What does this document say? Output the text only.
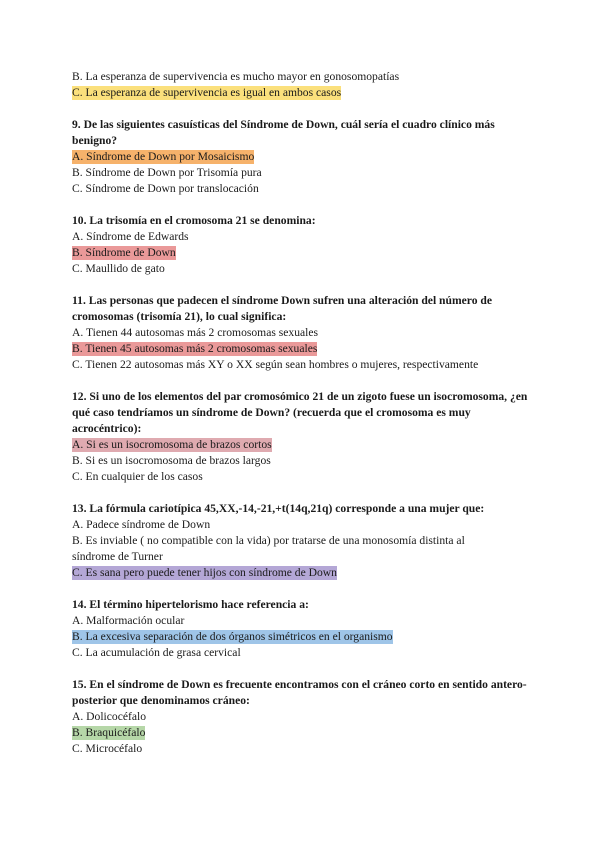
B. La esperanza de supervivencia es mucho mayor en gonosomopatías
C. La esperanza de supervivencia es igual en ambos casos
9. De las siguientes casuísticas del Síndrome de Down, cuál sería el cuadro clínico más benigno?
A. Síndrome de Down por Mosaicismo
B. Síndrome de Down por Trisomía pura
C. Síndrome de Down por translocación
10. La trisomía en el cromosoma 21 se denomina:
A. Síndrome de Edwards
B. Síndrome de Down
C. Maullido de gato
11. Las personas que padecen el síndrome Down sufren una alteración del número de cromosomas (trisomía 21), lo cual significa:
A. Tienen 44 autosomas más 2 cromosomas sexuales
B. Tienen 45 autosomas más 2 cromosomas sexuales
C. Tienen 22 autosomas más XY o XX según sean hombres o mujeres, respectivamente
12. Si uno de los elementos del par cromosómico 21 de un zigoto fuese un isocromosoma, ¿en qué caso tendríamos un síndrome de Down? (recuerda que el cromosoma es muy acrocéntrico):
A. Si es un isocromosoma de brazos cortos
B. Si es un isocromosoma de brazos largos
C. En cualquier de los casos
13. La fórmula cariotípica 45,XX,-14,-21,+t(14q,21q) corresponde a una mujer que:
A. Padece síndrome de Down
B. Es inviable ( no compatible con la vida) por tratarse de una monosomía distinta al síndrome de Turner
C. Es sana pero puede tener hijos con síndrome de Down
14. El término hipertelorismo hace referencia a:
A. Malformación ocular
B. La excesiva separación de dos órganos simétricos en el organismo
C. La acumulación de grasa cervical
15. En el síndrome de Down es frecuente encontramos con el cráneo corto en sentido antero- posterior que denominamos cráneo:
A. Dolicocéfalo
B. Braquicéfalo
C. Microcéfalo
